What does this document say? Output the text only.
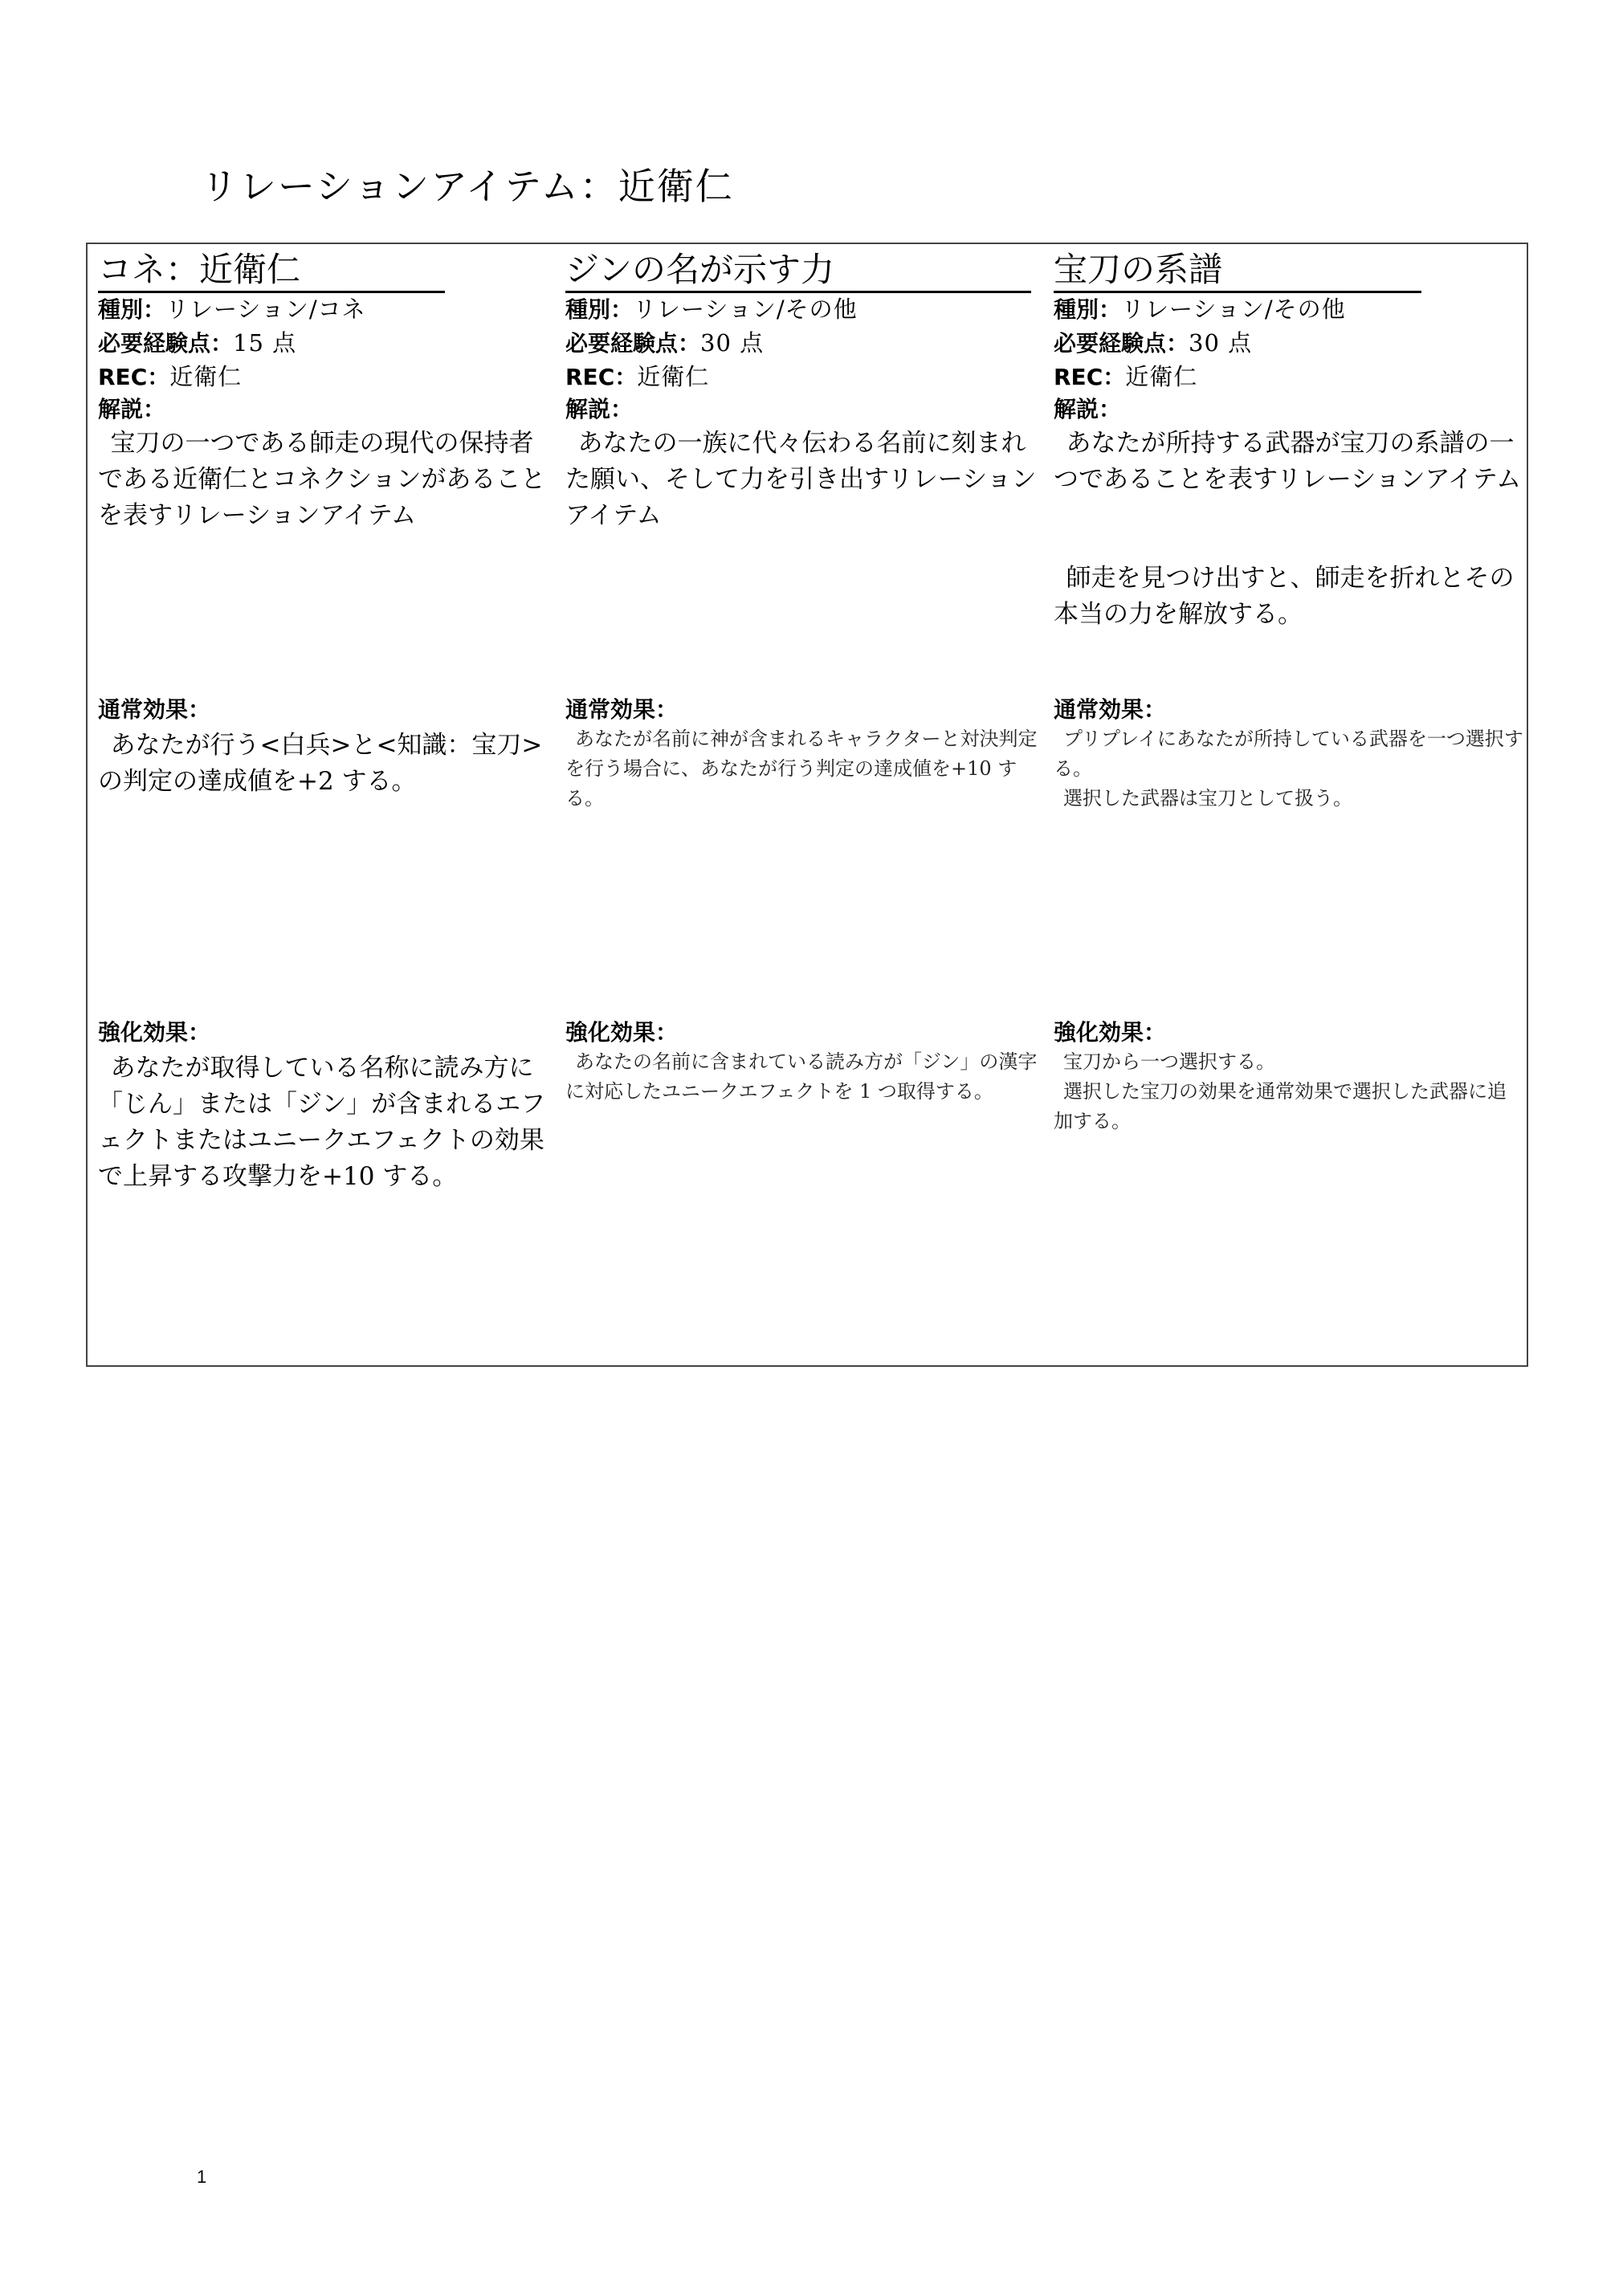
リレーションアイテム：近衛仁
コネ：近衛仁
種別：リレーション/コネ
必要経験点：15 点
REC：近衛仁
解説：
宝刀の一つである師走の現代の保持者である近衛仁とコネクションがあることを表すリレーションアイテム
通常効果：
あなたが行う<白兵>と<知識：宝刀>の判定の達成値を+2 する。
強化効果：
あなたが取得している名称に読み方に「じん」または「ジン」が含まれるエフェクトまたはユニークエフェクトの効果で上昇する攻撃力を+10 する。
ジンの名が示す力
種別：リレーション/その他
必要経験点：30 点
REC：近衛仁
解説：
あなたの一族に代々伝わる名前に刻まれた願い、そして力を引き出すリレーションアイテム
通常効果：
あなたが名前に神が含まれるキャラクターと対決判定を行う場合に、あなたが行う判定の達成値を+10 する。
強化効果：
あなたの名前に含まれている読み方が「ジン」の漢字に対応したユニークエフェクトを 1 つ取得する。
宝刀の系譜
種別：リレーション/その他
必要経験点：30 点
REC：近衛仁
解説：
あなたが所持する武器が宝刀の系譜の一つであることを表すリレーションアイテム
師走を見つけ出すと、師走を折れとその本当の力を解放する。
通常効果：
プリプレイにあなたが所持している武器を一つ選択する。
選択した武器は宝刀として扱う。
強化効果：
宝刀から一つ選択する。
選択した宝刀の効果を通常効果で選択した武器に追加する。
1
